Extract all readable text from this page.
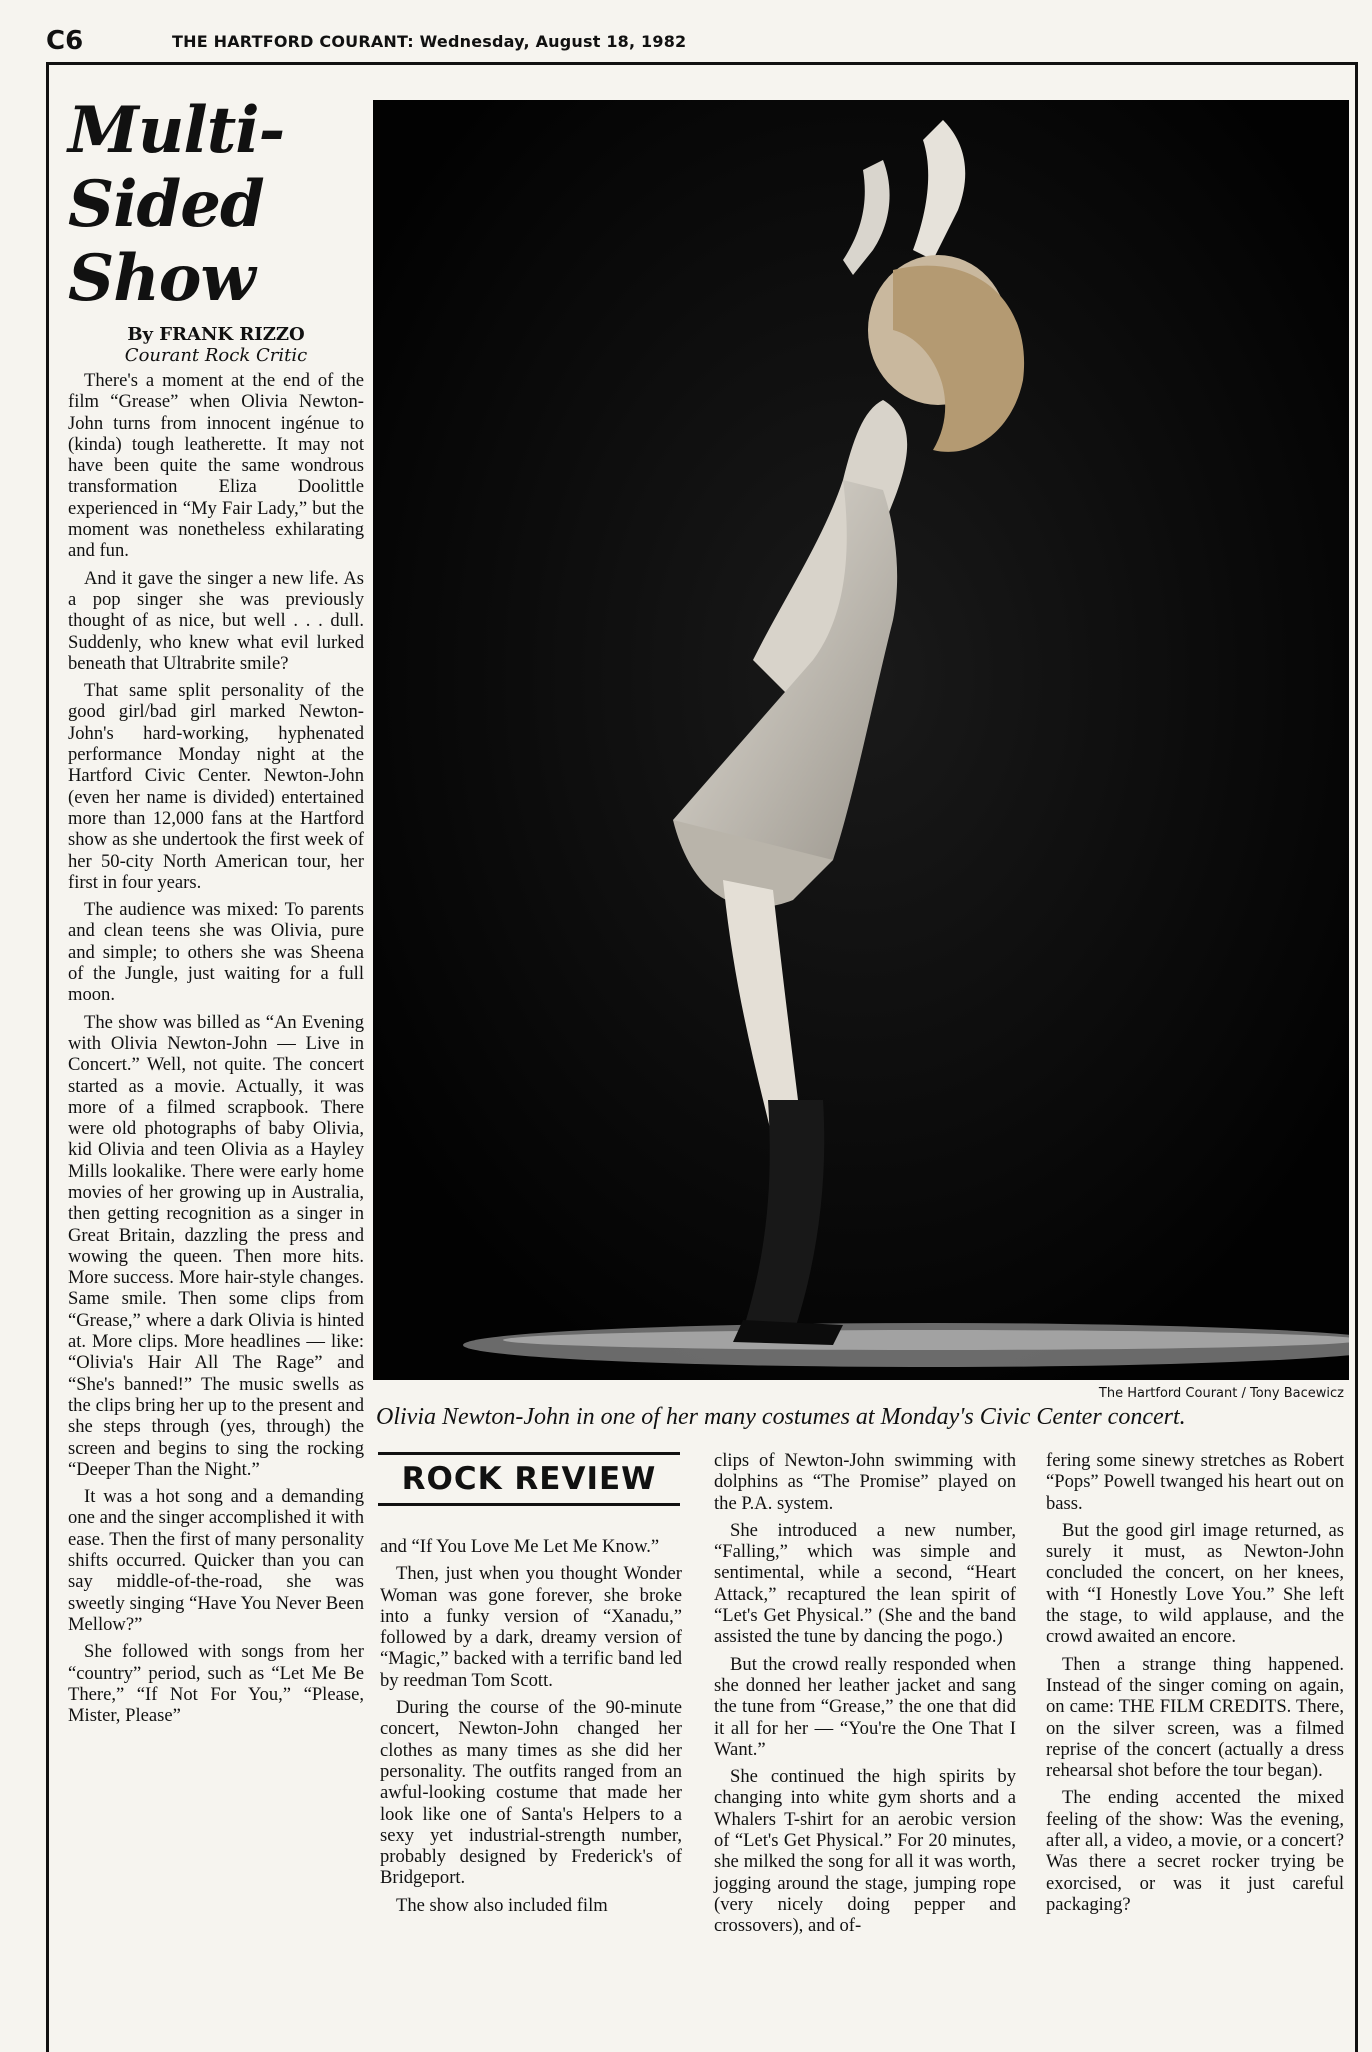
C6	THE HARTFORD COURANT: Wednesday, August 18, 1982
Multi-
Sided
Show
By FRANK RIZZO
Courant Rock Critic

There's a moment at the end of the film “Grease” when Olivia Newton-John turns from innocent ingénue to (kinda) tough leatherette. It may not have been quite the same wondrous transformation Eliza Doolittle experienced in “My Fair Lady,” but the moment was nonetheless exhilarating and fun.

And it gave the singer a new life. As a pop singer she was previously thought of as nice, but well . . . dull. Suddenly, who knew what evil lurked beneath that Ultrabrite smile?

That same split personality of the good girl/bad girl marked Newton-John's hard-working, hyphenated performance Monday night at the Hartford Civic Center. Newton-John (even her name is divided) entertained more than 12,000 fans at the Hartford show as she undertook the first week of her 50-city North American tour, her first in four years.

The audience was mixed: To parents and clean teens she was Olivia, pure and simple; to others she was Sheena of the Jungle, just waiting for a full moon.

The show was billed as “An Evening with Olivia Newton-John — Live in Concert.” Well, not quite. The concert started as a movie. Actually, it was more of a filmed scrapbook. There were old photographs of baby Olivia, kid Olivia and teen Olivia as a Hayley Mills lookalike. There were early home movies of her growing up in Australia, then getting recognition as a singer in Great Britain, dazzling the press and wowing the queen. Then more hits. More success. More hair-style changes. Same smile. Then some clips from “Grease,” where a dark Olivia is hinted at. More clips. More headlines — like: “Olivia's Hair All The Rage” and “She's banned!” The music swells as the clips bring her up to the present and she steps through (yes, through) the screen and begins to sing the rocking “Deeper Than the Night.”

It was a hot song and a demanding one and the singer accomplished it with ease. Then the first of many personality shifts occurred. Quicker than you can say middle-of-the-road, she was sweetly singing “Have You Never Been Mellow?”

She followed with songs from her “country” period, such as “Let Me Be There,” “If Not For You,” “Please, Mister, Please”

The Hartford Courant / Tony Bacewicz
Olivia Newton-John in one of her many costumes at Monday's Civic Center concert.
ROCK REVIEW

and “If You Love Me Let Me Know.”

Then, just when you thought Wonder Woman was gone forever, she broke into a funky version of “Xanadu,” followed by a dark, dreamy version of “Magic,” backed with a terrific band led by reedman Tom Scott.

During the course of the 90-minute concert, Newton-John changed her clothes as many times as she did her personality. The outfits ranged from an awful-looking costume that made her look like one of Santa's Helpers to a sexy yet industrial-strength number, probably designed by Frederick's of Bridgeport.

The show also included film

clips of Newton-John swimming with dolphins as “The Promise” played on the P.A. system.

She introduced a new number, “Falling,” which was simple and sentimental, while a second, “Heart Attack,” recaptured the lean spirit of “Let's Get Physical.” (She and the band assisted the tune by dancing the pogo.)

But the crowd really responded when she donned her leather jacket and sang the tune from “Grease,” the one that did it all for her — “You're the One That I Want.”

She continued the high spirits by changing into white gym shorts and a Whalers T-shirt for an aerobic version of “Let's Get Physical.” For 20 minutes, she milked the song for all it was worth, jogging around the stage, jumping rope (very nicely doing pepper and crossovers), and of-

fering some sinewy stretches as Robert “Pops” Powell twanged his heart out on bass.

But the good girl image returned, as surely it must, as Newton-John concluded the concert, on her knees, with “I Honestly Love You.” She left the stage, to wild applause, and the crowd awaited an encore.

Then a strange thing happened. Instead of the singer coming on again, on came: THE FILM CREDITS. There, on the silver screen, was a filmed reprise of the concert (actually a dress rehearsal shot before the tour began).

The ending accented the mixed feeling of the show: Was the evening, after all, a video, a movie, or a concert? Was there a secret rocker trying be exorcised, or was it just careful packaging?
